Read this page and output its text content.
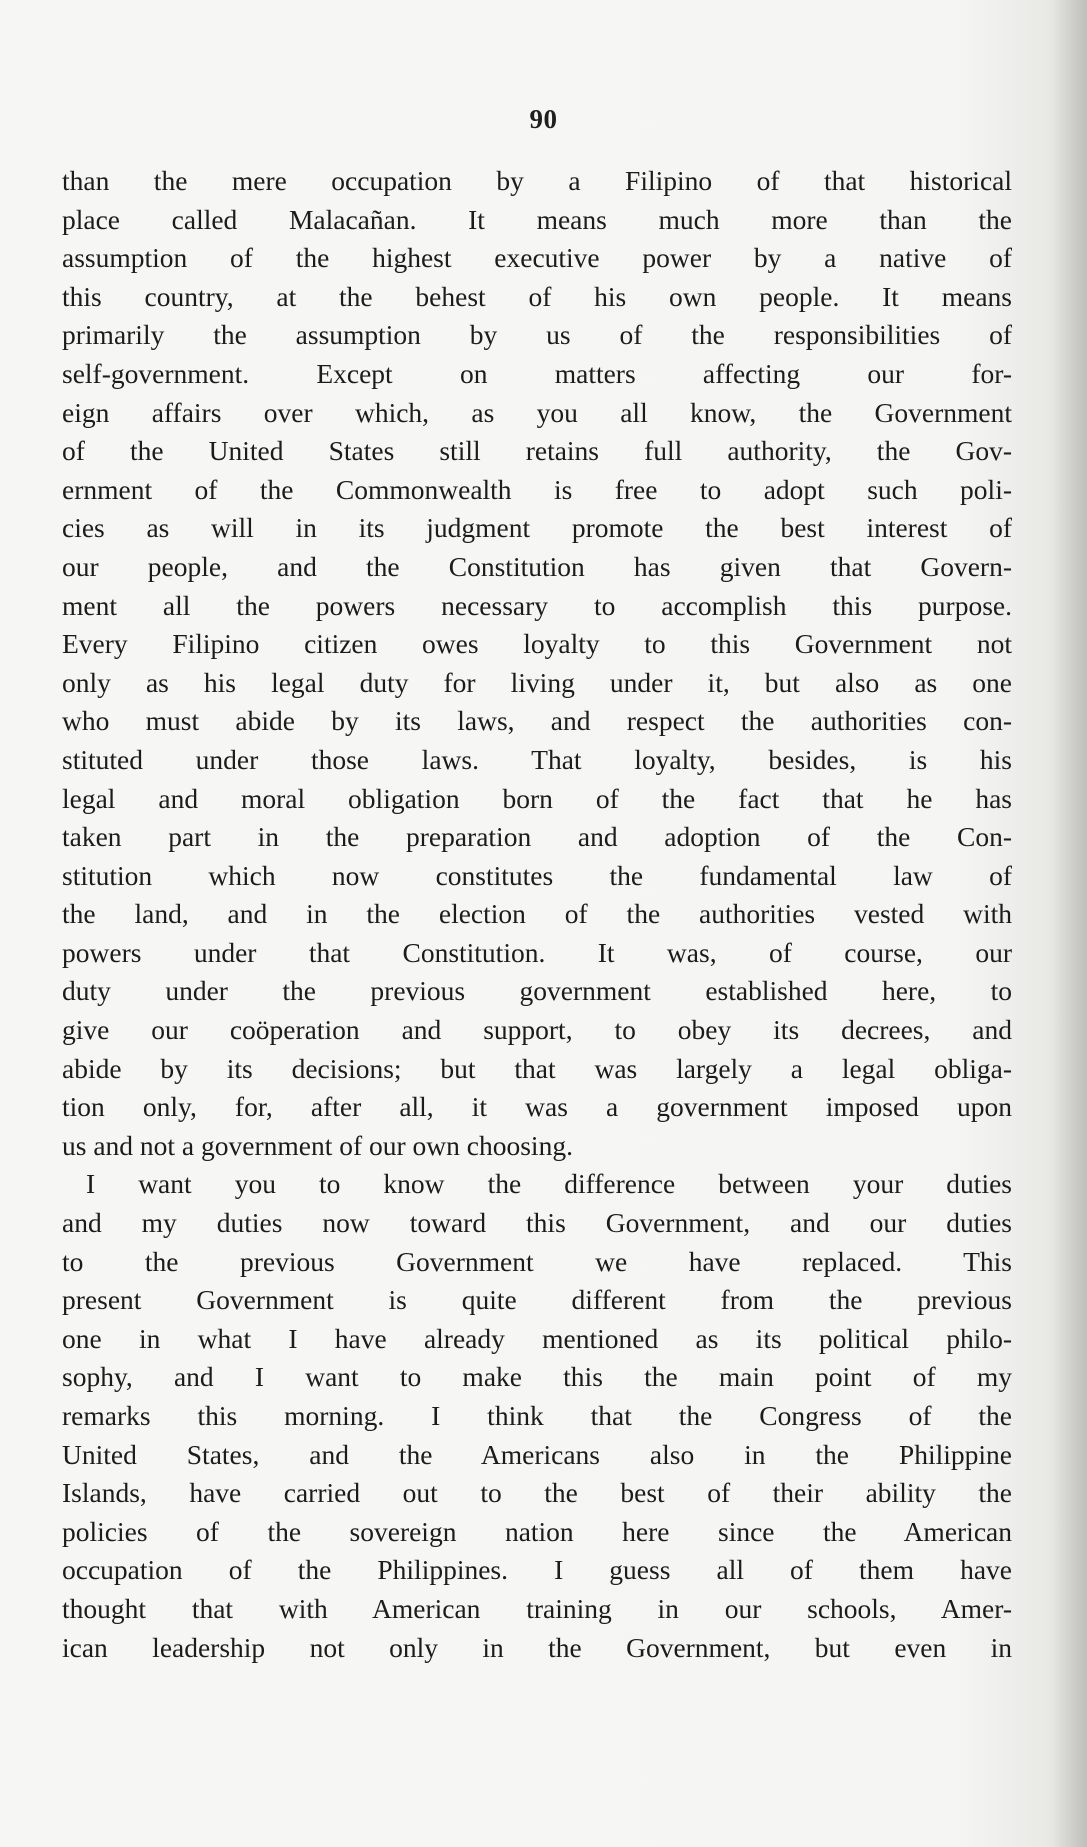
90
than the mere occupation by a Filipino of that historical
place called Malacañan. It means much more than the
assumption of the highest executive power by a native of
this country, at the behest of his own people. It means
primarily the assumption by us of the responsibilities of
self-government. Except on matters affecting our for-
eign affairs over which, as you all know, the Government
of the United States still retains full authority, the Gov-
ernment of the Commonwealth is free to adopt such poli-
cies as will in its judgment promote the best interest of
our people, and the Constitution has given that Govern-
ment all the powers necessary to accomplish this purpose.
Every Filipino citizen owes loyalty to this Government not
only as his legal duty for living under it, but also as one
who must abide by its laws, and respect the authorities con-
stituted under those laws. That loyalty, besides, is his
legal and moral obligation born of the fact that he has
taken part in the preparation and adoption of the Con-
stitution which now constitutes the fundamental law of
the land, and in the election of the authorities vested with
powers under that Constitution. It was, of course, our
duty under the previous government established here, to
give our coöperation and support, to obey its decrees, and
abide by its decisions; but that was largely a legal obliga-
tion only, for, after all, it was a government imposed upon
us and not a government of our own choosing.
I want you to know the difference between your duties
and my duties now toward this Government, and our duties
to the previous Government we have replaced. This
present Government is quite different from the previous
one in what I have already mentioned as its political philo-
sophy, and I want to make this the main point of my
remarks this morning. I think that the Congress of the
United States, and the Americans also in the Philippine
Islands, have carried out to the best of their ability the
policies of the sovereign nation here since the American
occupation of the Philippines. I guess all of them have
thought that with American training in our schools, Amer-
ican leadership not only in the Government, but even in
